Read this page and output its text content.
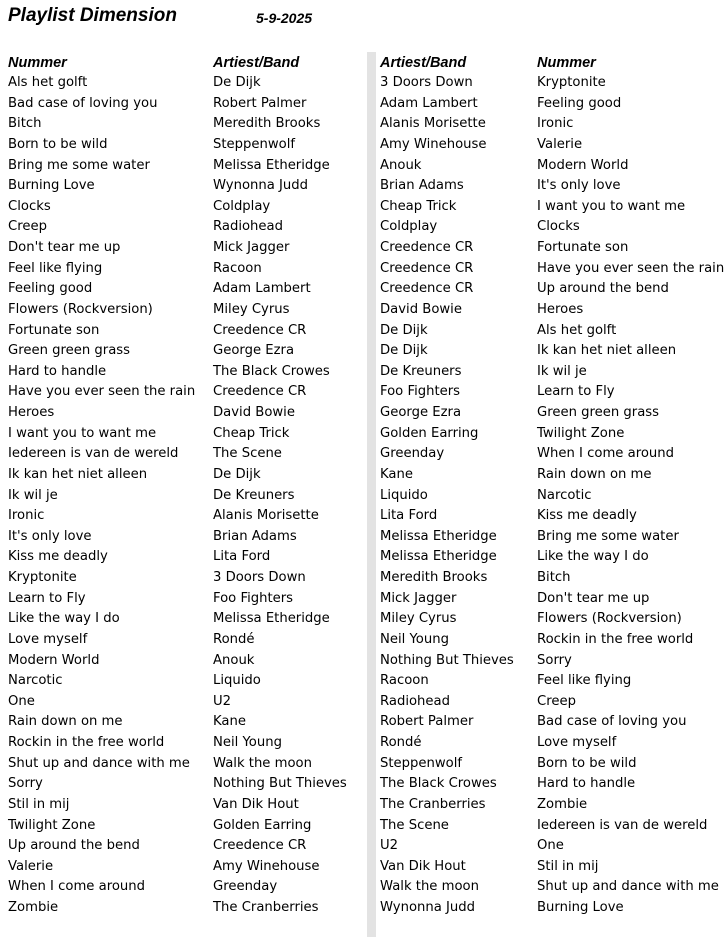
Playlist Dimension	5-9-2025
Nummer
Als het golft
Bad case of loving you
Bitch
Born to be wild
Bring me some water
Burning Love
Clocks
Creep
Don't tear me up
Feel like flying
Feeling good
Flowers (Rockversion)
Fortunate son
Green green grass
Hard to handle
Have you ever seen the rain
Heroes
I want you to want me
Iedereen is van de wereld
Ik kan het niet alleen
Ik wil je
Ironic
It's only love
Kiss me deadly
Kryptonite
Learn to Fly
Like the way I do
Love myself
Modern World
Narcotic
One
Rain down on me
Rockin in the free world
Shut up and dance with me
Sorry
Stil in mij
Twilight Zone
Up around the bend
Valerie
When I come around
Zombie
Artiest/Band
De Dijk
Robert Palmer
Meredith Brooks
Steppenwolf
Melissa Etheridge
Wynonna Judd
Coldplay
Radiohead
Mick Jagger
Racoon
Adam Lambert
Miley Cyrus
Creedence CR
George Ezra
The Black Crowes
Creedence CR
David Bowie
Cheap Trick
The Scene
De Dijk
De Kreuners
Alanis Morisette
Brian Adams
Lita Ford
3 Doors Down
Foo Fighters
Melissa Etheridge
Rondé
Anouk
Liquido
U2
Kane
Neil Young
Walk the moon
Nothing But Thieves
Van Dik Hout
Golden Earring
Creedence CR
Amy Winehouse
Greenday
The Cranberries
Artiest/Band
3 Doors Down
Adam Lambert
Alanis Morisette
Amy Winehouse
Anouk
Brian Adams
Cheap Trick
Coldplay
Creedence CR
Creedence CR
Creedence CR
David Bowie
De Dijk
De Dijk
De Kreuners
Foo Fighters
George Ezra
Golden Earring
Greenday
Kane
Liquido
Lita Ford
Melissa Etheridge
Melissa Etheridge
Meredith Brooks
Mick Jagger
Miley Cyrus
Neil Young
Nothing But Thieves
Racoon
Radiohead
Robert Palmer
Rondé
Steppenwolf
The Black Crowes
The Cranberries
The Scene
U2
Van Dik Hout
Walk the moon
Wynonna Judd
Nummer
Kryptonite
Feeling good
Ironic
Valerie
Modern World
It's only love
I want you to want me
Clocks
Fortunate son
Have you ever seen the rain
Up around the bend
Heroes
Als het golft
Ik kan het niet alleen
Ik wil je
Learn to Fly
Green green grass
Twilight Zone
When I come around
Rain down on me
Narcotic
Kiss me deadly
Bring me some water
Like the way I do
Bitch
Don't tear me up
Flowers (Rockversion)
Rockin in the free world
Sorry
Feel like flying
Creep
Bad case of loving you
Love myself
Born to be wild
Hard to handle
Zombie
Iedereen is van de wereld
One
Stil in mij
Shut up and dance with me
Burning Love
